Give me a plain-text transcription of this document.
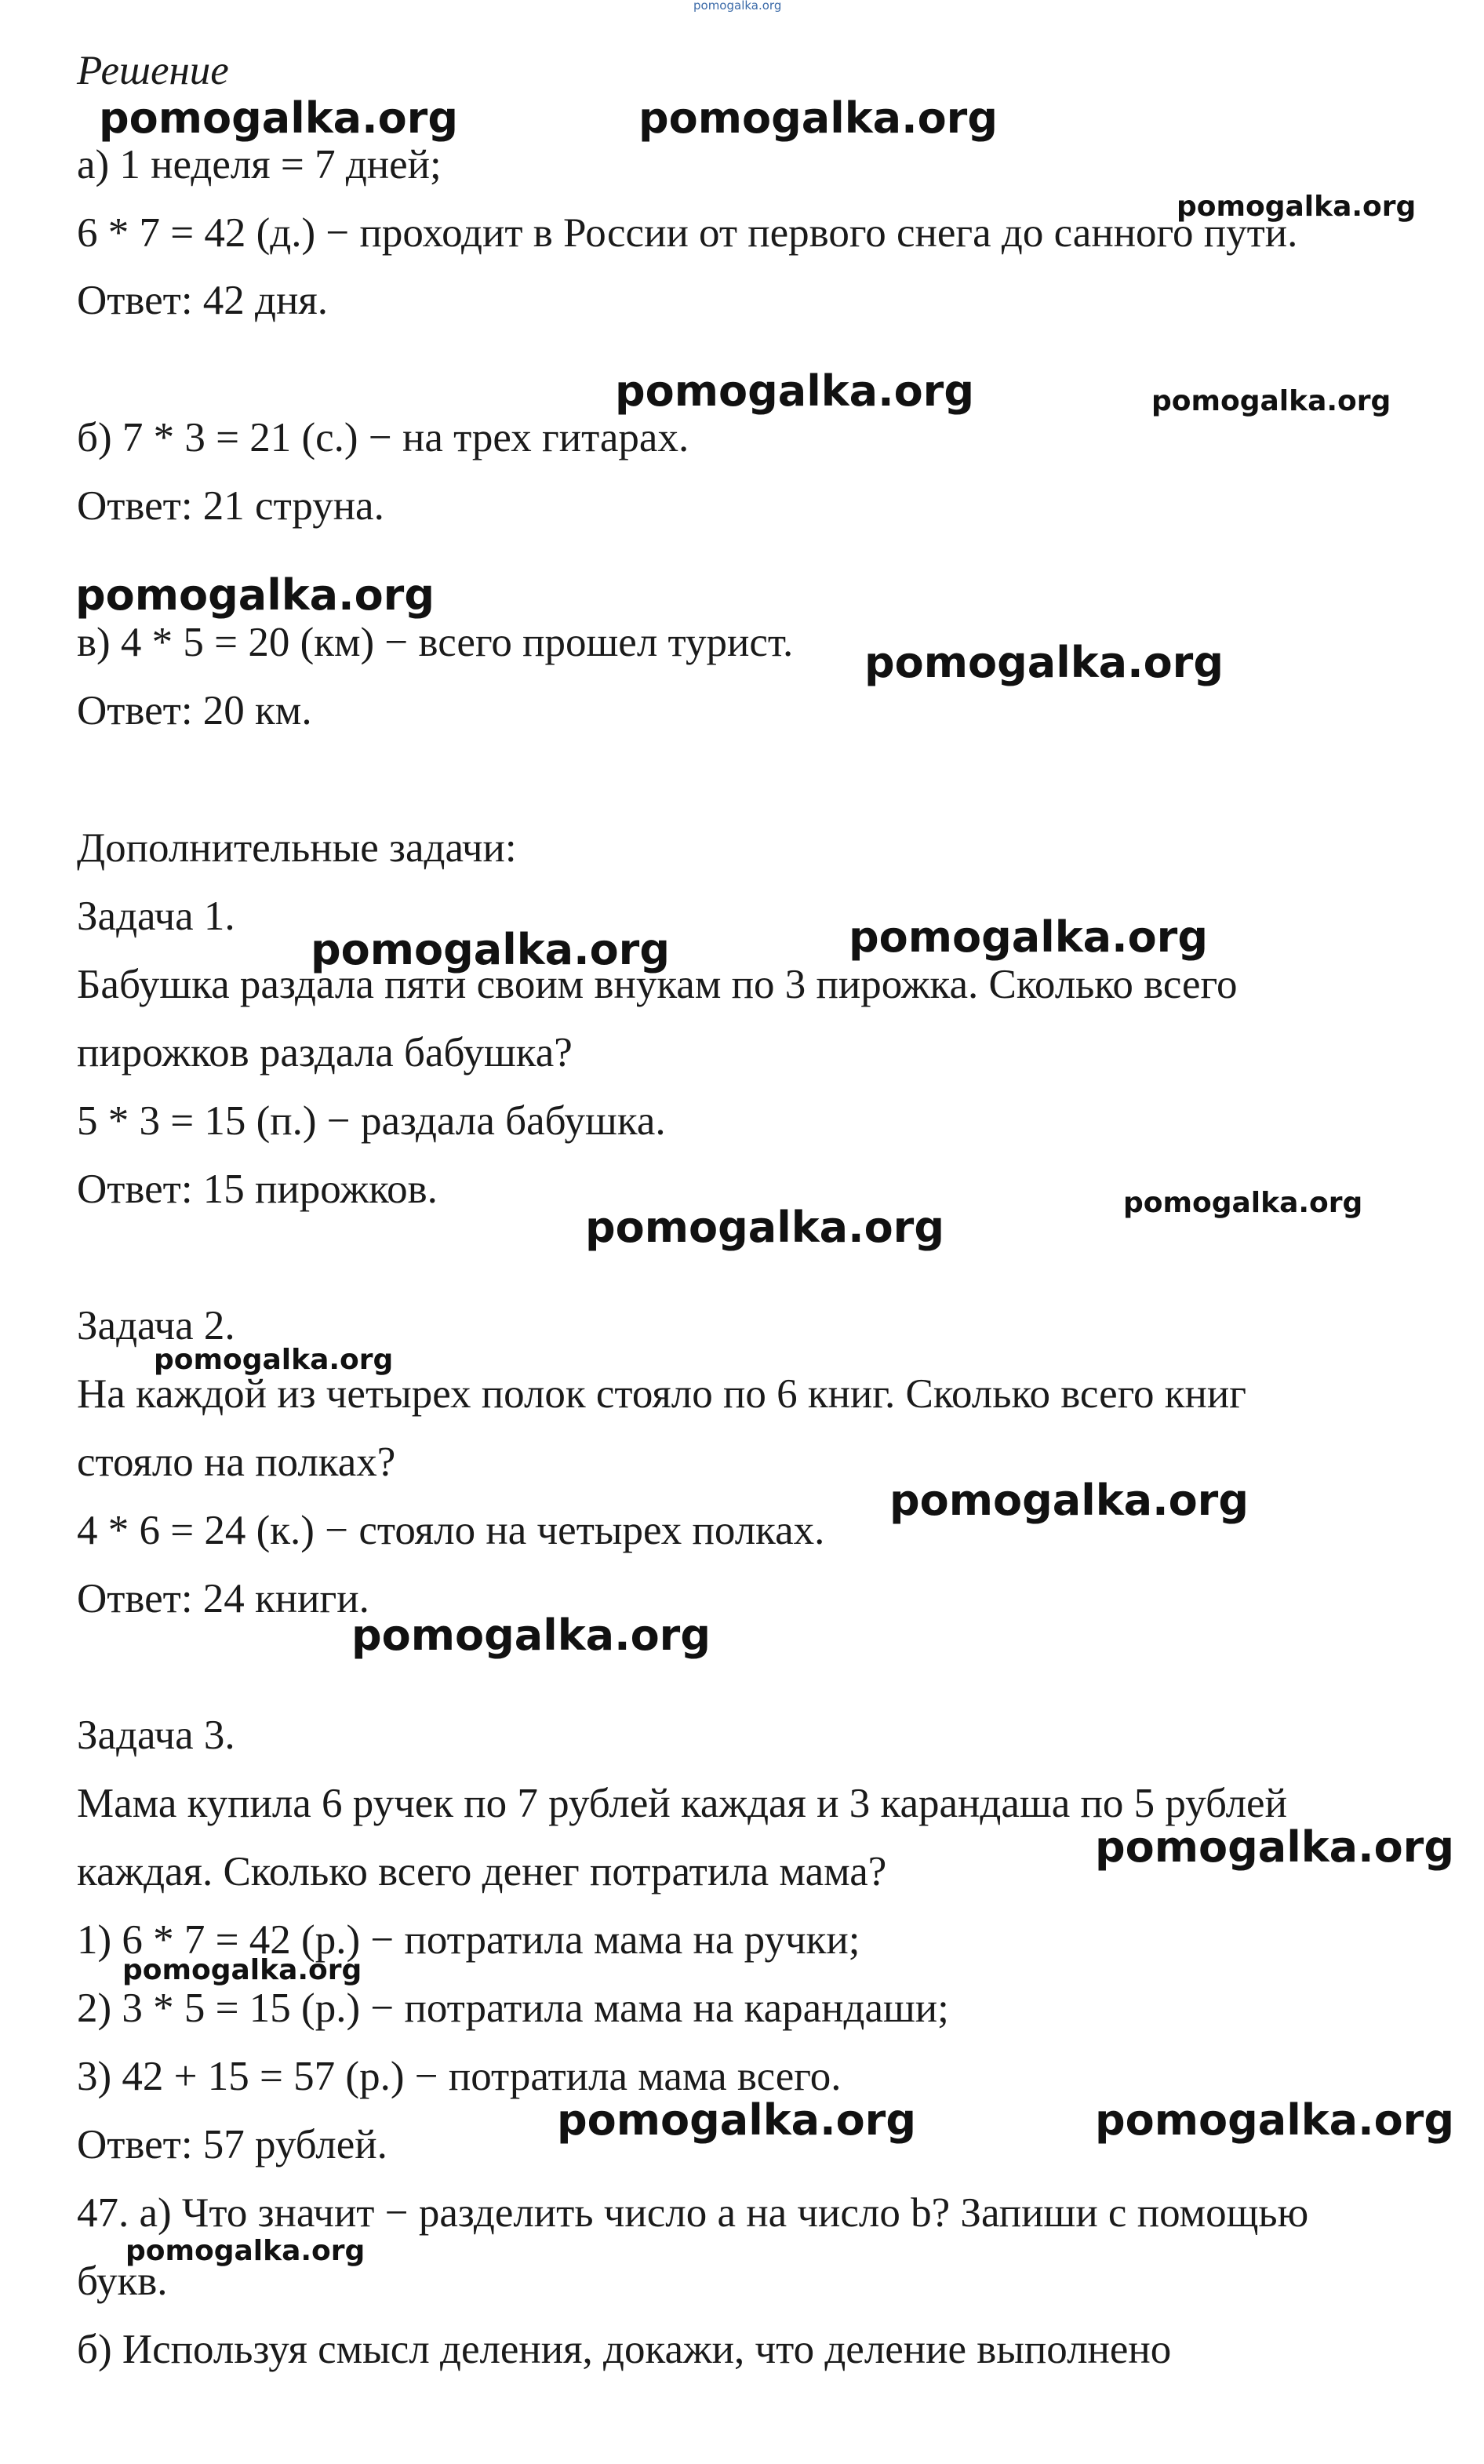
pomogalka.org

Решение

а) 1 неделя = 7 дней;

6 * 7 = 42 (д.) − проходит в России от первого снега до санного пути.

Ответ: 42 дня.

б) 7 * 3 = 21 (с.) − на трех гитарах.

Ответ: 21 струна.

в) 4 * 5 = 20 (км) − всего прошел турист.

Ответ: 20 км.

Дополнительные задачи:

Задача 1.

Бабушка раздала пяти своим внукам по 3 пирожка. Сколько всего

пирожков раздала бабушка?

5 * 3 = 15 (п.) − раздала бабушка.

Ответ: 15 пирожков.

Задача 2.

На каждой из четырех полок стояло по 6 книг. Сколько всего книг

стояло на полках?

4 * 6 = 24 (к.) − стояло на четырех полках.

Ответ: 24 книги.

Задача 3.

Мама купила 6 ручек по 7 рублей каждая и 3 карандаша по 5 рублей

каждая. Сколько всего денег потратила мама?

1) 6 * 7 = 42 (р.) − потратила мама на ручки;

2) 3 * 5 = 15 (р.) − потратила мама на карандаши;

3) 42 + 15 = 57 (р.) − потратила мама всего.

Ответ: 57 рублей.

47. а) Что значит − разделить число a на число b? Запиши с помощью

букв.

б) Используя смысл деления, докажи, что деление выполнено

pomogalka.org	pomogalka.org
pomogalka.org
pomogalka.org	pomogalka.org
pomogalka.org
pomogalka.org
pomogalka.org	pomogalka.org
pomogalka.org	pomogalka.org
pomogalka.org
pomogalka.org
pomogalka.org
pomogalka.org
pomogalka.org
pomogalka.org	pomogalka.org
pomogalka.org
